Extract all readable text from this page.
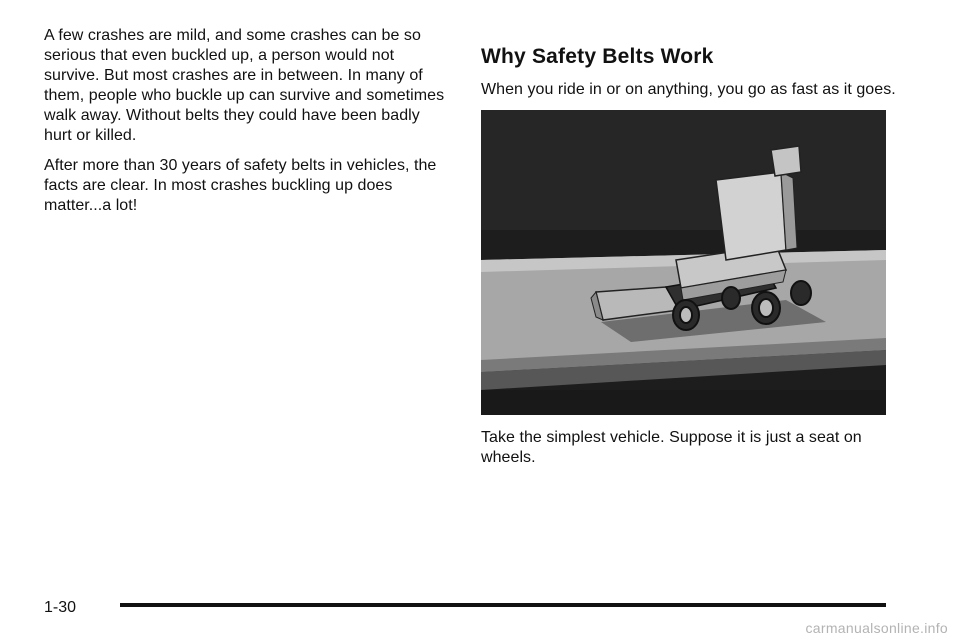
A few crashes are mild, and some crashes can be so serious that even buckled up, a person would not survive. But most crashes are in between. In many of them, people who buckle up can survive and sometimes walk away. Without belts they could have been badly hurt or killed.

After more than 30 years of safety belts in vehicles, the facts are clear. In most crashes buckling up does matter...a lot!

Why Safety Belts Work

When you ride in or on anything, you go as fast as it goes.

Take the simplest vehicle. Suppose it is just a seat on wheels.

1-30
carmanualsonline.info
